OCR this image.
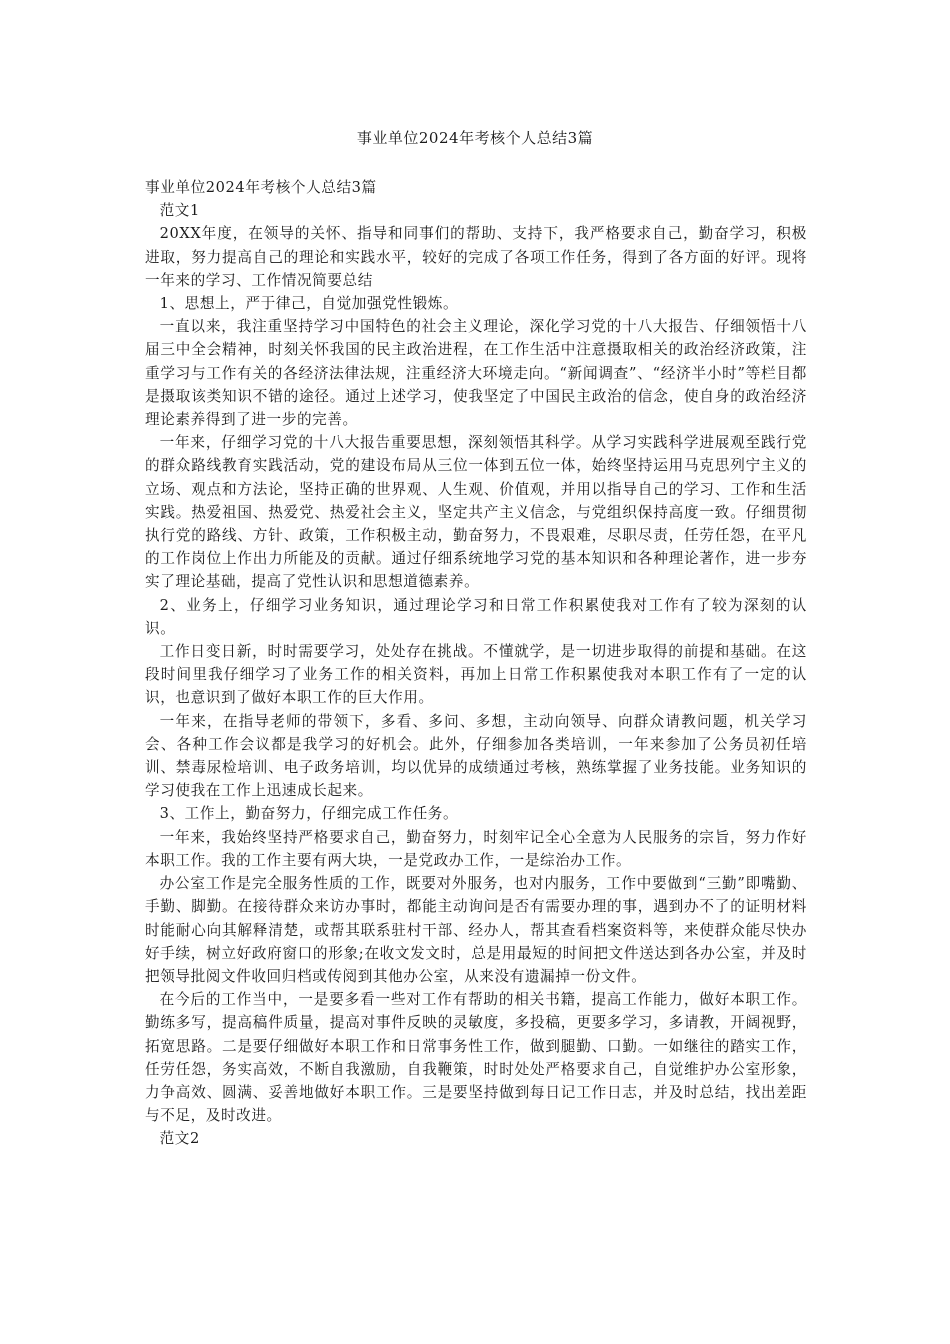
事业单位2024年考核个人总结3篇

事业单位2024年考核个人总结3篇

范文1

20XX年度，在领导的关怀、指导和同事们的帮助、支持下，我严格要求自己，勤奋学习，积极进取，努力提高自己的理论和实践水平，较好的完成了各项工作任务，得到了各方面的好评。现将一年来的学习、工作情况简要总结

1、思想上，严于律己，自觉加强党性锻炼。

一直以来，我注重坚持学习中国特色的社会主义理论，深化学习党的十八大报告、仔细领悟十八届三中全会精神，时刻关怀我国的民主政治进程，在工作生活中注意摄取相关的政治经济政策，注重学习与工作有关的各经济法律法规，注重经济大环境走向。“新闻调查”、“经济半小时”等栏目都是摄取该类知识不错的途径。通过上述学习，使我坚定了中国民主政治的信念，使自身的政治经济理论素养得到了进一步的完善。

一年来，仔细学习党的十八大报告重要思想，深刻领悟其科学。从学习实践科学进展观至践行党的群众路线教育实践活动，党的建设布局从三位一体到五位一体，始终坚持运用马克思列宁主义的立场、观点和方法论，坚持正确的世界观、人生观、价值观，并用以指导自己的学习、工作和生活实践。热爱祖国、热爱党、热爱社会主义，坚定共产主义信念，与党组织保持高度一致。仔细贯彻执行党的路线、方针、政策，工作积极主动，勤奋努力，不畏艰难，尽职尽责，任劳任怨，在平凡的工作岗位上作出力所能及的贡献。通过仔细系统地学习党的基本知识和各种理论著作，进一步夯实了理论基础，提高了党性认识和思想道德素养。

2、业务上，仔细学习业务知识，通过理论学习和日常工作积累使我对工作有了较为深刻的认识。

工作日变日新，时时需要学习，处处存在挑战。不懂就学，是一切进步取得的前提和基础。在这段时间里我仔细学习了业务工作的相关资料，再加上日常工作积累使我对本职工作有了一定的认识，也意识到了做好本职工作的巨大作用。

一年来，在指导老师的带领下，多看、多问、多想，主动向领导、向群众请教问题，机关学习会、各种工作会议都是我学习的好机会。此外，仔细参加各类培训，一年来参加了公务员初任培训、禁毒尿检培训、电子政务培训，均以优异的成绩通过考核，熟练掌握了业务技能。业务知识的学习使我在工作上迅速成长起来。

3、工作上，勤奋努力，仔细完成工作任务。

一年来，我始终坚持严格要求自己，勤奋努力，时刻牢记全心全意为人民服务的宗旨，努力作好本职工作。我的工作主要有两大块，一是党政办工作，一是综治办工作。

办公室工作是完全服务性质的工作，既要对外服务，也对内服务，工作中要做到“三勤”即嘴勤、手勤、脚勤。在接待群众来访办事时，都能主动询问是否有需要办理的事，遇到办不了的证明材料时能耐心向其解释清楚，或帮其联系驻村干部、经办人，帮其查看档案资料等，来使群众能尽快办好手续，树立好政府窗口的形象;在收文发文时，总是用最短的时间把文件送达到各办公室，并及时把领导批阅文件收回归档或传阅到其他办公室，从来没有遗漏掉一份文件。

在今后的工作当中，一是要多看一些对工作有帮助的相关书籍，提高工作能力，做好本职工作。勤练多写，提高稿件质量，提高对事件反映的灵敏度，多投稿，更要多学习，多请教，开阔视野，拓宽思路。二是要仔细做好本职工作和日常事务性工作，做到腿勤、口勤。一如继往的踏实工作，任劳任怨，务实高效，不断自我激励，自我鞭策，时时处处严格要求自己，自觉维护办公室形象，力争高效、圆满、妥善地做好本职工作。三是要坚持做到每日记工作日志，并及时总结，找出差距与不足，及时改进。

范文2
